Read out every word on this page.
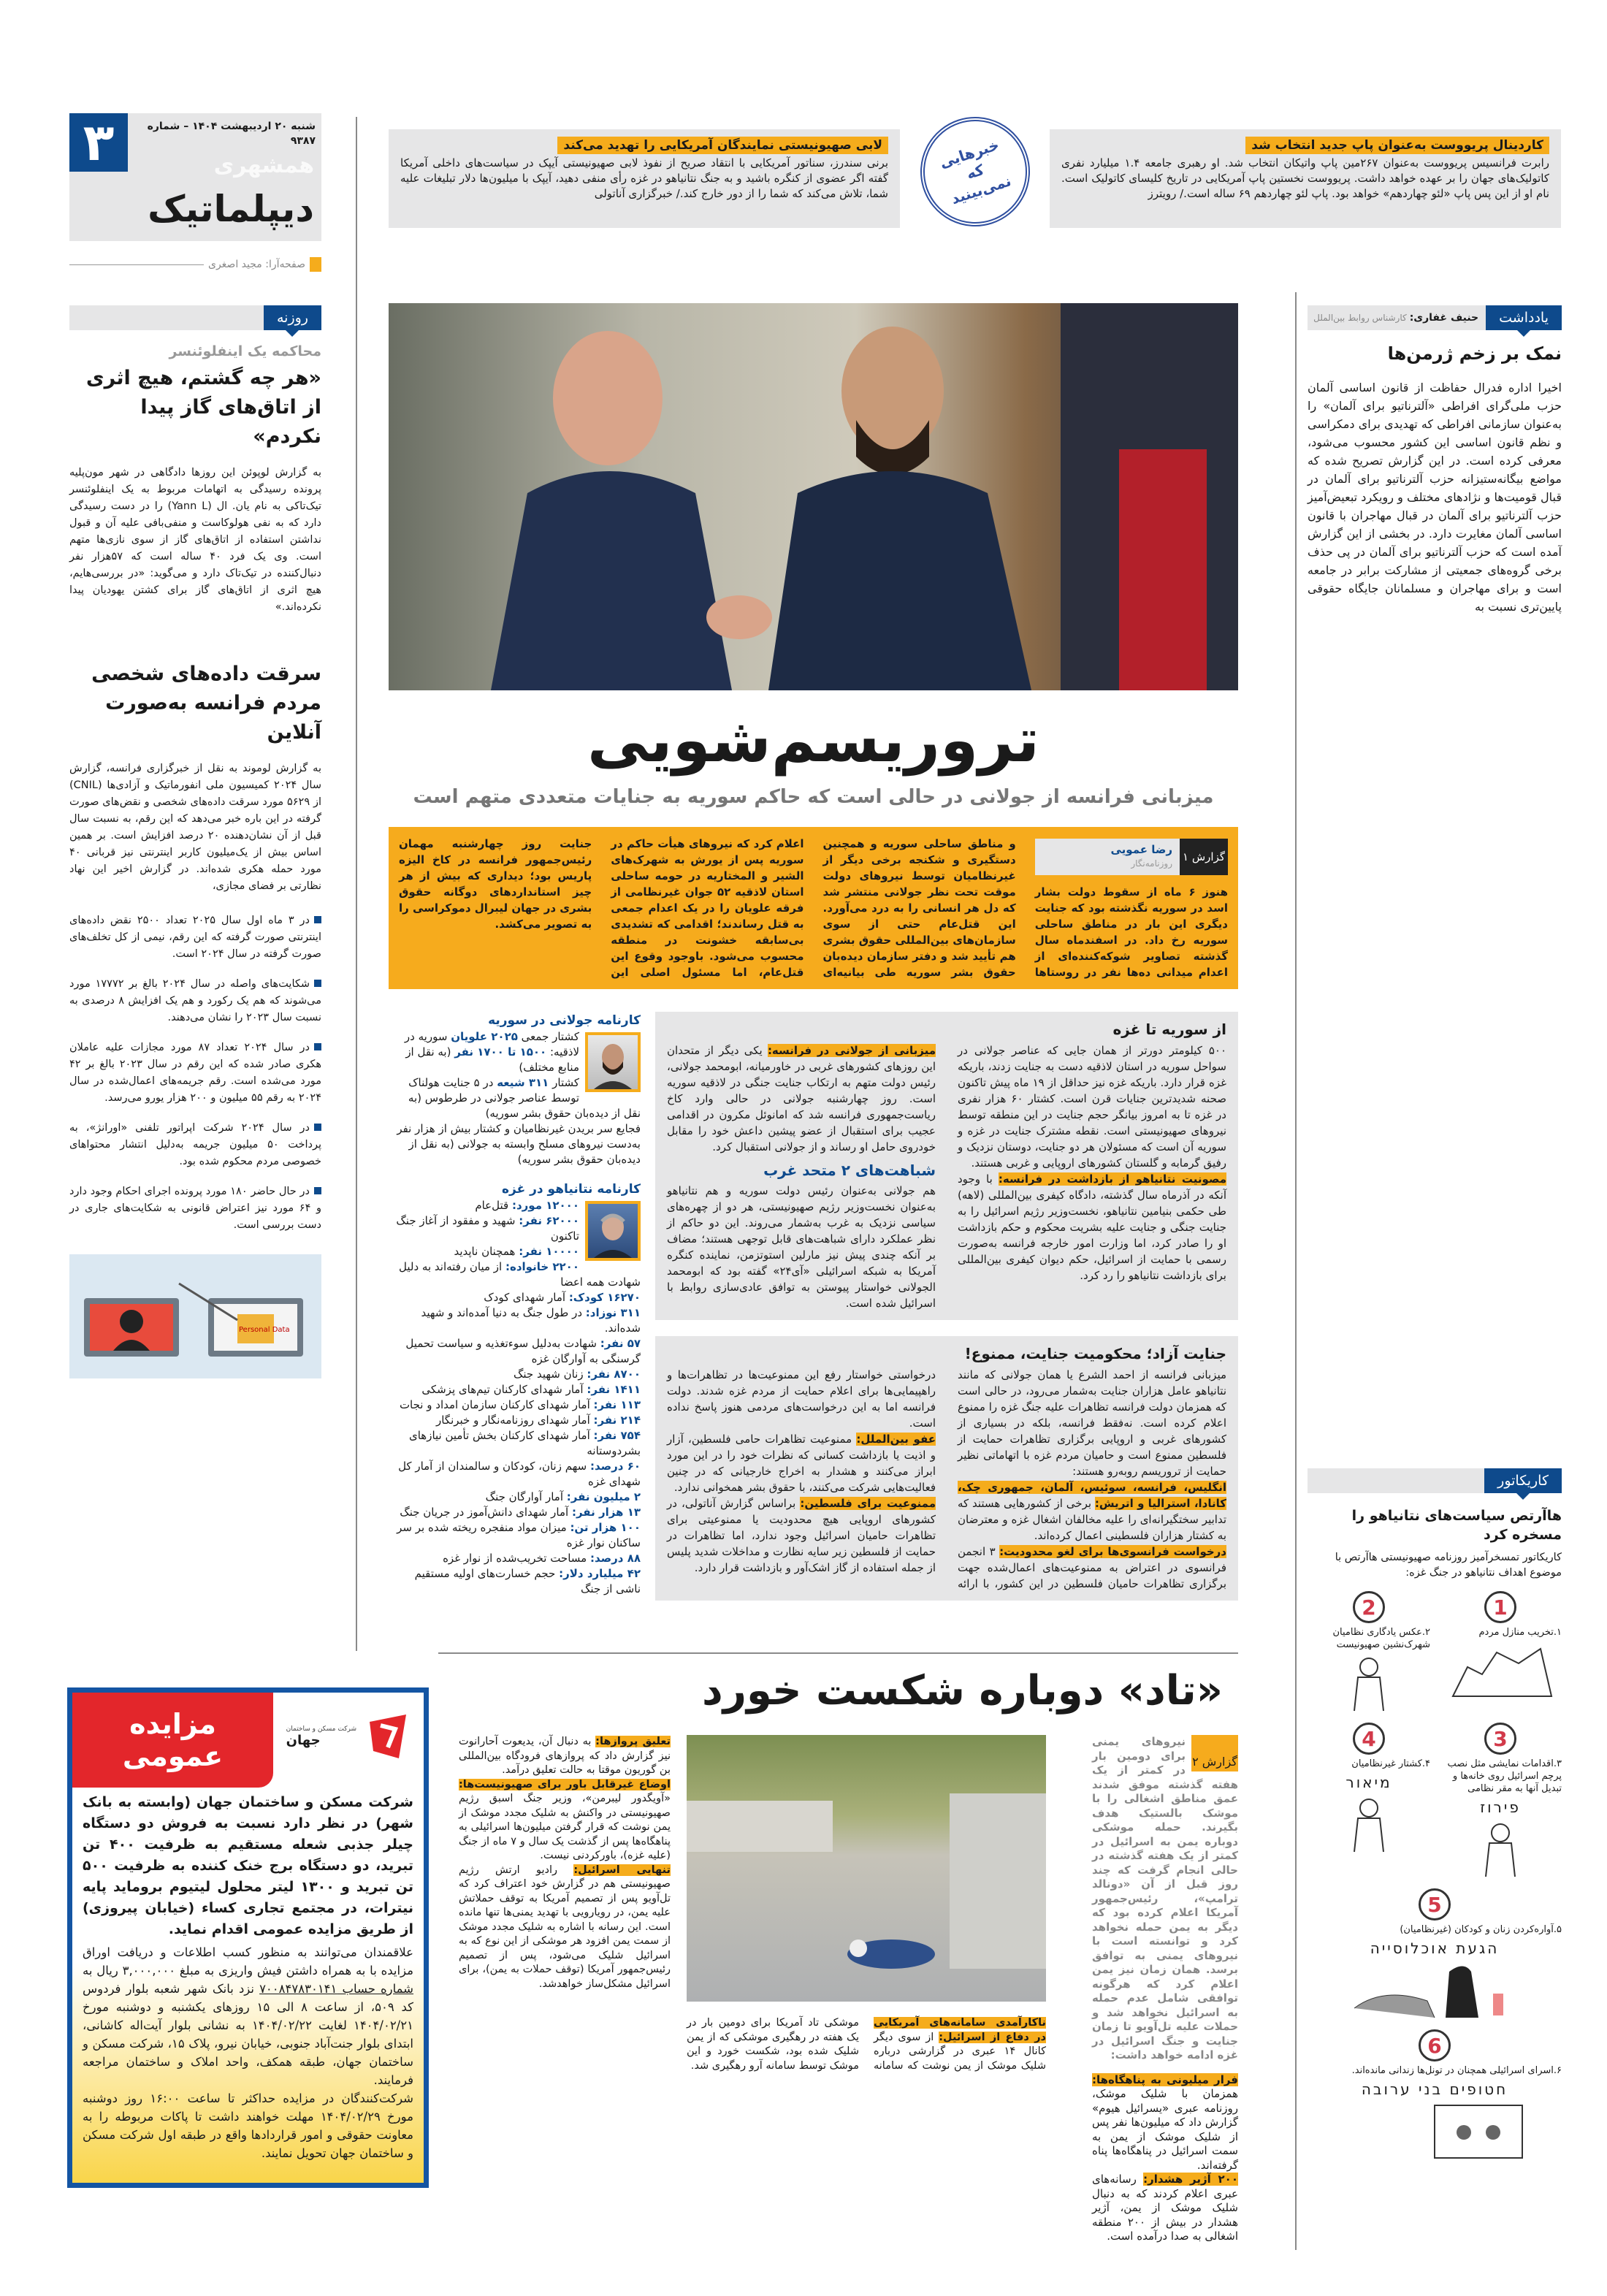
۳	شنبه ۲۰ اردیبهشت ۱۴۰۴ – شماره ۹۳۸۷
همشهری
دیپلماتیک
صفحه‌آرا: مجید اصغری
لابی صهیونیستی نمایندگان آمریکایی را تهدید می‌کند
برنی سندرز، سناتور آمریکایی با انتقاد صریح از نفوذ لابی صهیونیستی آیپک در سیاست‌های داخلی آمریکا گفته اگر عضوی از کنگره باشید و به جنگ نتانیاهو در غزه رأی منفی دهید، آیپک با میلیون‌ها دلار تبلیغات علیه شما، تلاش می‌کند که شما را از دور خارج کند./ خبرگزاری آناتولی
خبرهایی که نمی‌بینید
کاردینال پریووست به‌عنوان پاپ جدید انتخاب شد
رابرت فرانسیس پریووست به‌عنوان ۲۶۷مین پاپ واتیکان انتخاب شد. او رهبری جامعه ۱.۴ میلیارد نفری کاتولیک‌های جهان را بر عهده خواهد داشت. پریووست نخستین پاپ آمریکایی در تاریخ کلیسای کاتولیک است. نام او از این پس پاپ «لئو چهاردهم» خواهد بود. پاپ لئو چهاردهم ۶۹ ساله است./ رویترز
روزنه
محاکمه یک اینفلوئنسر
«هر چه گشتم، هیچ اثری از اتاق‌های گاز پیدا نکردم»
به گزارش لوپوئن این روزها دادگاهی در شهر مون‌پلیه پرونده رسیدگی به اتهامات مربوط به یک اینفلوئنسر تیک‌تاکی به نام یان. ال (Yann L) را در دست رسیدگی دارد که به نفی هولوکاست و منفی‌بافی علیه آن و قبول نداشتن استفاده از اتاق‌های گاز از سوی نازی‌ها متهم است. وی یک فرد ۴۰ ساله است که ۵۷هزار نفر دنبال‌کننده در تیک‌تاک دارد و می‌گوید: «در بررسی‌هایم، هیچ اثری از اتاق‌های گاز برای کشتن یهودیان پیدا نکرده‌اند.»
سرقت داده‌های شخصی مردم فرانسه به‌صورت آنلاین
به گزارش لوموند به نقل از خبرگزاری فرانسه، گزارش سال ۲۰۲۴ کمیسیون ملی انفورماتیک و آزادی‌ها (CNIL) از ۵۶۲۹ مورد سرقت داده‌های شخصی و نقض‌های صورت گرفته در این باره خبر می‌دهد که این رقم، به نسبت سال قبل از آن نشان‌دهنده ۲۰ درصد افزایش است. بر همین اساس بیش از یک‌میلیون کاربر اینترنتی نیز قربانی ۴۰ مورد حمله هکری شده‌اند. در گزارش اخیر این نهاد نظارتی بر فضای مجازی،
در ۳ ماه اول سال ۲۰۲۵ تعداد ۲۵۰۰ نقض داده‌های اینترنتی صورت گرفته که این رقم، نیمی از کل تخلف‌های صورت گرفته در سال ۲۰۲۴ است.
شکایت‌های واصله در سال ۲۰۲۴ بالغ بر ۱۷۷۷۲ مورد می‌شوند که هم یک رکورد و هم یک افزایش ۸ درصدی به نسبت سال ۲۰۲۳ را نشان می‌دهند.
در سال ۲۰۲۴ تعداد ۸۷ مورد مجازات علیه عاملان هکری صادر شده که این رقم در سال ۲۰۲۳ بالغ بر ۴۲ مورد می‌شده است. رقم جریمه‌های اعمال‌شده در سال ۲۰۲۴ به رقم ۵۵ میلیون و ۲۰۰ هزار یورو می‌رسد.
در سال ۲۰۲۴ شرکت اپراتور تلفنی «اورانژ»، به پرداخت ۵۰ میلیون جریمه به‌دلیل انتشار محتواهای خصوصی مردم محکوم شده بود.
در حال حاضر ۱۸۰ مورد پرونده اجرای احکام وجود دارد و ۶۴ مورد نیز اعتراض قانونی به شکایت‌های جاری در دست بررسی است.
Personal Data
مزایده عمومی
شرکت مسکن و ساختمان
جهان
شرکت مسکن و ساختمان جهان (وابسته به بانک شهر) در نظر دارد نسبت به فروش دو دستگاه چیلر جذبی شعله مستقیم به ظرفیت ۴۰۰ تن تبرید، دو دستگاه برج خنک کننده به ظرفیت ۵۰۰ تن تبرید و ۱۳۰۰ لیتر محلول لیتیوم بروماید پایه نیترات، در مجتمع تجاری کساء (خیابان پیروزی) از طریق مزایده عمومی اقدام نماید.
علاقمندان می‌توانند به منظور کسب اطلاعات و دریافت اوراق مزایده با به همراه داشتن فیش واریزی به مبلغ ۳,۰۰۰,۰۰۰ ریال به شماره حساب ۷۰۰۸۴۷۸۳۰۱۴۱ نزد بانک شهر شعبه بلوار فردوس کد ۵۰۹، از ساعت ۸ الی ۱۵ روزهای یکشنبه و دوشنبه مورخ ۱۴۰۴/۰۲/۲۱ لغایت ۱۴۰۴/۰۲/۲۲ به نشانی بلوار آیت‌اله کاشانی، ابتدای بلوار جنت‌آباد جنوبی، خیابان نیرو، پلاک ۱۵، شرکت مسکن و ساختمان جهان، طبقه همکف، واحد املاک و ساختمان مراجعه فرمایند.
شرکت‌کنندگان در مزایده حداکثر تا ساعت ۱۶:۰۰ روز دوشنبه مورخ ۱۴۰۴/۰۲/۲۹ مهلت خواهند داشت تا پاکات مربوطه را به معاونت حقوقی و امور قراردادها واقع در طبقه اول شرکت مسکن و ساختمان جهان تحویل نمایند.
تروریسم‌شویی
میزبانی فرانسه از جولانی در حالی است که حاکم سوریه به جنایات متعددی متهم است
گزارش ۱
رضا عمویی
روزنامه‌نگار
هنوز ۶ ماه از سقوط دولت بشار اسد در سوریه نگذشته بود که جنایت دیگری این بار در مناطق ساحلی سوریه رخ داد. در اسفندماه سال گذشته تصاویر شوکه‌کننده‌ای از اعدام میدانی ده‌ها نفر در روستاها و مناطق ساحلی سوریه و همچنین دستگیری و شکنجه برخی دیگر از غیرنظامیان توسط نیروهای دولت موقت تحت نظر جولانی منتشر شد که دل هر انسانی را به درد می‌آورد. این قتل‌عام حتی از سوی سازمان‌های بین‌المللی حقوق بشری هم تأیید شد و دفتر سازمان دیده‌بان حقوق بشر سوریه طی بیانیه‌ای اعلام کرد که نیروهای هیأت حاکم در سوریه پس از یورش به شهرک‌های الشیر و المختاریه در حومه ساحلی استان لاذقیه ۵۲ جوان غیرنظامی از فرقه علویان را در یک اعدام جمعی به قتل رساندند؛ اقدامی که تشدیدی بی‌سابقه خشونت در منطقه محسوب می‌شود. باوجود وقوع این قتل‌عام، اما مسئول اصلی این جنایت روز چهارشنبه مهمان رئیس‌جمهور فرانسه در کاخ الیزه پاریس بود؛ دیداری که بیش از هر چیز استانداردهای دوگانه حقوق بشری در جهان لیبرال دموکراسی را به تصویر می‌کشد.
از سوریه تا غزه

۵۰۰ کیلومتر دورتر از همان جایی که عناصر جولانی در سواحل سوریه در استان لاذقیه دست به جنایت زدند، باریکه غزه قرار دارد. باریکه غزه نیز حداقل از ۱۹ ماه پیش تاکنون صحنه شدیدترین جنایات قرن است. کشتار ۶۰ هزار نفری در غزه تا به امروز بیانگر حجم جنایت در این منطقه توسط نیروهای صهیونیستی است. نقطه مشترک جنایت در غزه و سوریه آن است که مسئولان هر دو جنایت، دوستان نزدیک و رفیق گرمابه و گلستان کشورهای اروپایی و غربی هستند.

مصونیت نتانیاهو از بازداشت در فرانسه: با وجود آنکه در آذرماه سال گذشته، دادگاه کیفری بین‌المللی (لاهه) طی حکمی بنیامین نتانیاهو، نخست‌وزیر رژیم اسرائیل را به جنایت جنگی و جنایت علیه بشریت محکوم و حکم بازداشت او را صادر کرد، اما وزارت امور خارجه فرانسه به‌صورت رسمی با حمایت از اسرائیل، حکم دیوان کیفری بین‌المللی برای بازداشت نتانیاهو را رد کرد.

میزبانی از جولانی در فرانسه: یکی دیگر از متحدان این روزهای کشورهای غربی در خاورمیانه، ابومحمد جولانی، رئیس دولت متهم به ارتکاب جنایت جنگی در لاذقیه سوریه است. روز چهارشنبه جولانی در حالی وارد کاخ ریاست‌جمهوری فرانسه شد که امانوئل مکرون در اقدامی عجیب برای استقبال از عضو پیشین داعش خود را مقابل خودروی حامل او رساند و از جولانی استقبال کرد.

شباهت‌های ۲ متحد غرب
هم جولانی به‌عنوان رئیس دولت سوریه و هم نتانیاهو به‌عنوان نخست‌وزیر رژیم صهیونیستی، هر دو از چهره‌های سیاسی نزدیک به غرب به‌شمار می‌روند. این دو حاکم از نظر عملکرد دارای شباهت‌های قابل توجهی هستند؛ مضاف بر آنکه چندی پیش نیز مارلین استوتزمن، نماینده کنگره آمریکا به شبکه اسرائیلی «آی۲۴» گفته بود که ابومحمد الجولانی خواستار پیوستن به توافق عادی‌سازی روابط با اسرائیل شده است.
جنایت آزاد؛ محکومیت جنایت، ممنوع!

میزبانی فرانسه از احمد الشرع یا همان جولانی که مانند نتانیاهو عامل هزاران جنایت به‌شمار می‌رود، در حالی است که همزمان دولت فرانسه تظاهرات علیه جنگ غزه را ممنوع اعلام کرده است. نه‌فقط فرانسه، بلکه در بسیاری از کشورهای غربی و اروپایی برگزاری تظاهرات حمایت از فلسطین ممنوع است و حامیان مردم غزه با اتهاماتی نظیر حمایت از تروریسم روبه‌رو هستند:

انگلیس، فرانسه، سوئیس، آلمان، جمهوری چک، کانادا، استرالیا و اتریش: برخی از کشورهایی هستند که تدابیر سختگیرانه‌ای را علیه مخالفان اشغال غزه و معترضان به کشتار هزاران فلسطینی اعمال کرده‌اند.

درخواست فرانسوی‌ها برای لغو محدودیت: ۳ انجمن فرانسوی در اعتراض به ممنوعیت‌های اعمال‌شده جهت برگزاری تظاهرات حامیان فلسطین در این کشور، با ارائه درخواستی خواستار رفع این ممنوعیت‌ها در تظاهرات‌ها و راهپیمایی‌ها برای اعلام حمایت از مردم غزه شدند. دولت فرانسه اما به این درخواست‌های مردمی هنوز پاسخ نداده است.

عفو بین‌الملل: ممنوعیت تظاهرات حامی فلسطین، آزار و اذیت یا بازداشت کسانی که نظرات خود را در این مورد ابراز می‌کنند و هشدار به اخراج خارجیانی که در چنین فعالیت‌هایی شرکت می‌کنند، با حقوق بشر همخوانی ندارد.

ممنوعیت برای فلسطین: براساس گزارش آناتولی، در کشورهای اروپایی هیچ محدودیت یا ممنوعیتی برای تظاهرات حامیان اسرائیل وجود ندارد، اما تظاهرات در حمایت از فلسطین زیر سایه نظارت و مداخلات شدید پلیس از جمله استفاده از گاز اشک‌آور و بازداشت قرار دارد.

کارنامه جولانی در سوریه
کشتار جمعی ۲۰۲۵ علویان سوریه در لاذقیه: ۱۵۰۰ تا ۱۷۰۰ نفر (به نقل از منابع مختلف)
کشتار ۳۱۱ شیعه در ۵ جنایت هولناک توسط عناصر جولانی در طرطوس (به نقل از دیده‌بان حقوق بشر سوریه)
فجایع سر بریدن غیرنظامیان و کشتار بیش از هزار نفر به‌دست نیروهای مسلح وابسته به جولانی (به نقل از دیده‌بان حقوق بشر سوریه)
کارنامه نتانیاهو در غزه
۱۲۰۰۰ مورد: قتل‌عام
۶۲۰۰۰ نفر: شهید و مفقود از آغاز جنگ تاکنون
۱۰۰۰۰ نفر: همچنان ناپدید
۲۲۰۰ خانواده: از میان رفته‌اند به دلیل شهادت همه اعضا
۱۶۲۷۰ کودک: آمار شهدای کودک
۳۱۱ نوزاد: در طول جنگ به دنیا آمده‌اند و شهید شده‌اند.
۵۷ نفر: شهادت به‌دلیل سوءتغذیه و سیاست تحمیل گرسنگی به آوارگان غزه
۸۷۰۰ نفر: زنان شهید جنگ
۱۴۱۱ نفر: آمار شهدای کارکنان تیم‌های پزشکی
۱۱۳ نفر: آمار شهدای کارکنان سازمان امداد و نجات
۲۱۴ نفر: آمار شهدای روزنامه‌نگار و خبرنگار
۷۵۴ نفر: آمار شهدای کارکنان بخش تأمین نیازهای بشردوستانه
۶۰ درصد: سهم زنان، کودکان و سالمندان از آمار کل شهدای غزه
۲ میلیون نفر: آمار آوارگان جنگ
۱۳ هزار نفر: آمار شهدای دانش‌آموز در جریان جنگ
۱۰۰ هزار تن: میزان مواد منفجره ریخته شده بر سر ساکنان نوار غزه
۸۸ درصد: مساحت تخریب‌شده از نوار غزه
۴۲ میلیارد دلار: حجم خسارت‌های اولیه مستقیم ناشی از جنگ
«تاد» دوباره شکست خورد
گزارش ۲
نیروهای یمنی برای دومین بار در کمتر از یک هفته گذشته موفق شدند عمق مناطق اشغالی را با موشک بالستیک هدف بگیرند. حمله موشکی دوباره یمن به اسرائیل در کمتر از یک هفته گذشته در حالی انجام گرفت که چند روز قبل از آن «دونالد ترامپ»، رئیس‌جمهور آمریکا اعلام کرده بود که دیگر به یمن حمله نخواهد کرد و توانسته است با نیروهای یمنی به توافق برسد. همان زمان نیز یمن اعلام کرد که هرگونه توافقی شامل عدم حمله به اسرائیل نخواهد شد و حملات علیه تل‌آویو تا زمان جنایت و جنگ اسرائیل در غزه ادامه خواهد داشت:

فرار میلیونی به پناهگاه‌ها: همزمان با شلیک موشک، روزنامه عبری «یسرائیل هیوم» گزارش داد که میلیون‌ها نفر پس از شلیک موشک از یمن به سمت اسرائیل در پناهگاه‌ها پناه گرفته‌اند.

۲۰۰ آژیر هشدار: رسانه‌های عبری اعلام کردند که به دنبال شلیک موشک از یمن، آژیر هشدار در بیش از ۲۰۰ منطقه اشغالی به صدا درآمده است.

ناکارآمدی سامانه‌های آمریکایی در دفاع از اسرائیل: از سوی دیگر کانال ۱۴ عبری در گزارشی درباره شلیک موشک از یمن نوشت که سامانه موشکی تاد آمریکا برای دومین بار در یک هفته در رهگیری موشکی که از یمن شلیک شده بود، شکست خورد و این موشک توسط سامانه آرو رهگیری شد.

تعلیق پروازها: به دنبال آن، یدیعوت آحارانوت نیز گزارش داد که پروازهای فرودگاه بین‌المللی بن گوریون موقتا به حالت تعلیق درآمد.

اوضاع غیرقابل باور برای صهیونیست‌ها: «آویگدور لیبرمن»، وزیر جنگ اسبق رژیم صهیونیستی در واکنش به شلیک مجدد موشک از یمن نوشت که قرار گرفتن میلیون‌ها اسرائیلی به پناهگاه‌ها پس از گذشت یک سال و ۷ ماه از جنگ (علیه غزه)، باورکردنی نیست.

تنهایی اسرائیل: رادیو ارتش رژیم صهیونیستی هم در گزارش خود اعتراف کرد که تل‌آویو پس از تصمیم آمریکا به توقف حملاتش علیه یمن، در رویارویی با تهدید یمنی‌ها تنها مانده است. این رسانه با اشاره به شلیک مجدد موشک از سمت یمن افزود هر موشکی از این نوع که به اسرائیل شلیک می‌شود، پس از تصمیم رئیس‌جمهور آمریکا (توقف حملات به یمن)، برای اسرائیل مشکل‌ساز خواهدشد.

یادداشت
حنیف غفاری:
کارشناس روابط بین‌الملل
نمک بر زخم ژرمن‌ها
اخیرا اداره فدرال حفاظت از قانون اساسی آلمان حزب ملی‌گرای افراطی «آلترناتیو برای آلمان» را به‌عنوان سازمانی افراطی که تهدیدی برای دمکراسی و نظم قانون اساسی این کشور محسوب می‌شود، معرفی کرده است. در این گزارش تصریح شده که مواضع بیگانه‌ستیزانه حزب آلترناتیو برای آلمان در قبال قومیت‌ها و نژادهای مختلف و رویکرد تبعیض‌آمیز حزب آلترناتیو برای آلمان در قبال مهاجران با قانون اساسی آلمان مغایرت دارد. در بخشی از این گزارش آمده است که حزب آلترناتیو برای آلمان در پی حذف برخی گروه‌های جمعیتی از مشارکت برابر در جامعه است و برای مهاجران و مسلمانان جایگاه حقوقی پایین‌تری نسبت به
کاریکاتور
هاآرتص سیاست‌های نتانیاهو را مسخره کرد
کاریکاتور تمسخرآمیز روزنامه صهیونیستی هاآرتص با موضوع اهداف نتانیاهو در جنگ غزه:
1
۱.تخریب منازل مردم
2
۲.عکس یادگاری نظامیان شهرک‌نشین صهیونیست
3
۳.اقدامات نمایشی مثل نصب پرچم اسرائیل روی خانه‌ها و تبدیل آنها به مقر نظامی
פירוז
4
۴.کشتار غیرنظامیان
מיאור
5
۵.آواره‌کردن زنان و کودکان (غیرنظامیان)
הגעת אוכלוסייה
6
۶.اسرای اسرائیلی همچنان در تونل‌ها زندانی مانده‌اند.
חטופים בני ערובה
